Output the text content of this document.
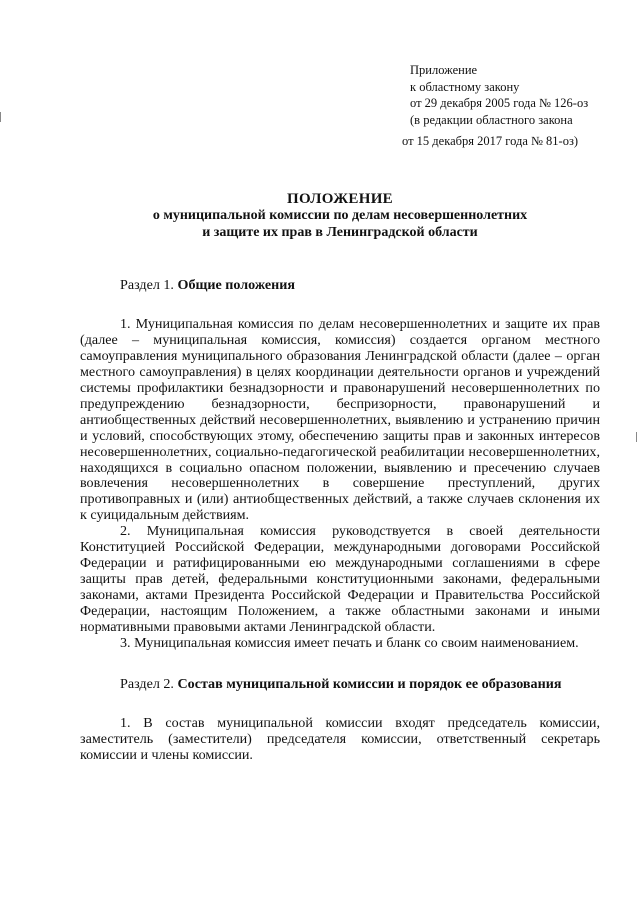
Приложение
к областному закону
от 29 декабря 2005 года № 126-оз
(в редакции областного закона
от 15 декабря 2017 года № 81-оз)
ПОЛОЖЕНИЕ
о муниципальной комиссии по делам несовершеннолетних
и защите их прав в Ленинградской области

Раздел 1. Общие положения

1. Муниципальная комиссия по делам несовершеннолетних и защите их прав (далее – муниципальная комиссия, комиссия) создается органом местного самоуправления муниципального образования Ленинградской области (далее – орган местного самоуправления) в целях координации деятельности органов и учреждений системы профилактики безнадзорности и правонарушений несовершеннолетних по предупреждению безнадзорности, беспризорности, правонарушений и антиобщественных действий несовершеннолетних, выявлению и устранению причин и условий, способствующих этому, обеспечению защиты прав и законных интересов несовершеннолетних, социально-педагогической реабилитации несовершеннолетних, находящихся в социально опасном положении, выявлению и пресечению случаев вовлечения несовершеннолетних в совершение преступлений, других противоправных и (или) антиобщественных действий, а также случаев склонения их к суицидальным действиям.

2. Муниципальная комиссия руководствуется в своей деятельности Конституцией Российской Федерации, международными договорами Российской Федерации и ратифицированными ею международными соглашениями в сфере защиты прав детей, федеральными конституционными законами, федеральными законами, актами Президента Российской Федерации и Правительства Российской Федерации, настоящим Положением, а также областными законами и иными нормативными правовыми актами Ленинградской области.

3. Муниципальная комиссия имеет печать и бланк со своим наименованием.

Раздел 2. Состав муниципальной комиссии и порядок ее образования

1. В состав муниципальной комиссии входят председатель комиссии, заместитель (заместители) председателя комиссии, ответственный секретарь комиссии и члены комиссии.
